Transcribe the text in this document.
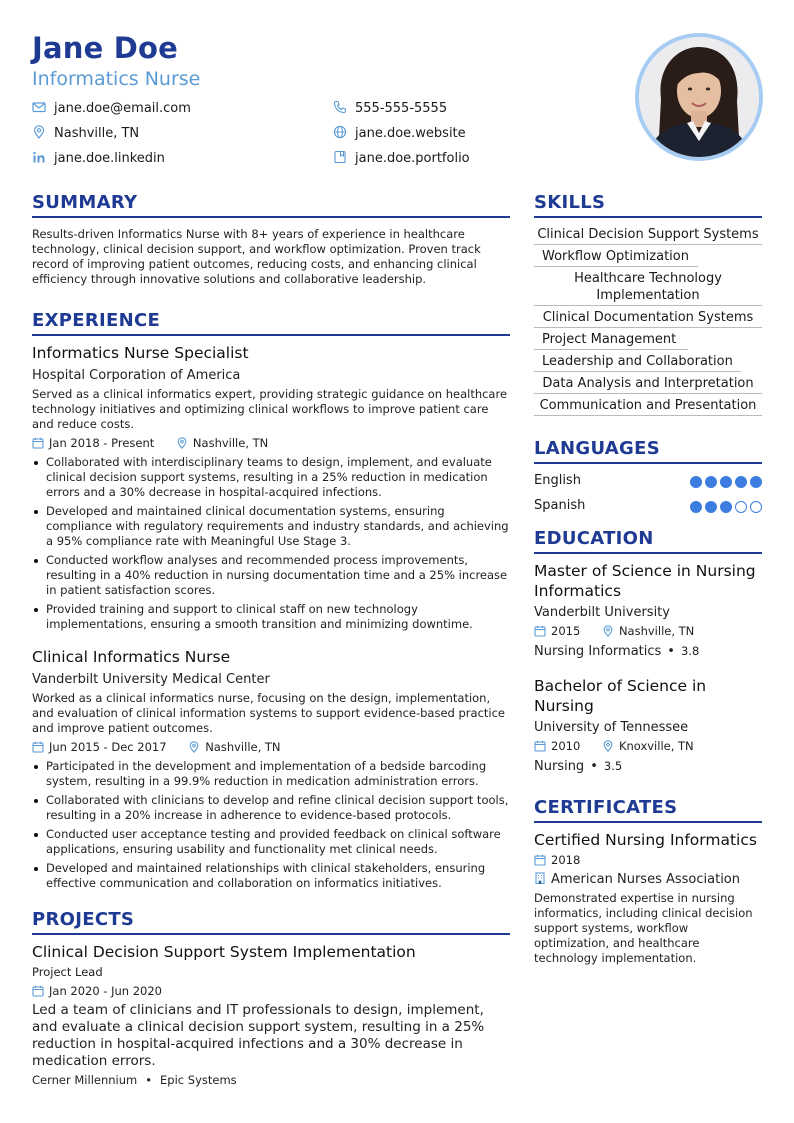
Jane Doe
Informatics Nurse
jane.doe@email.com	555-555-5555
Nashville, TN	jane.doe.website
jane.doe.linkedin	jane.doe.portfolio
SUMMARY

Results-driven Informatics Nurse with 8+ years of experience in healthcare technology, clinical decision support, and workflow optimization. Proven track record of improving patient outcomes, reducing costs, and enhancing clinical efficiency through innovative solutions and collaborative leadership.

EXPERIENCE
Informatics Nurse Specialist
Hospital Corporation of America

Served as a clinical informatics expert, providing strategic guidance on healthcare technology initiatives and optimizing clinical workflows to improve patient care and reduce costs.

Jan 2018 - Present	Nashville, TN
Collaborated with interdisciplinary teams to design, implement, and evaluate clinical decision support systems, resulting in a 25% reduction in medication errors and a 30% decrease in hospital-acquired infections.
Developed and maintained clinical documentation systems, ensuring compliance with regulatory requirements and industry standards, and achieving a 95% compliance rate with Meaningful Use Stage 3.
Conducted workflow analyses and recommended process improvements, resulting in a 40% reduction in nursing documentation time and a 25% increase in patient satisfaction scores.
Provided training and support to clinical staff on new technology implementations, ensuring a smooth transition and minimizing downtime.
Clinical Informatics Nurse
Vanderbilt University Medical Center

Worked as a clinical informatics nurse, focusing on the design, implementation, and evaluation of clinical information systems to support evidence-based practice and improve patient outcomes.

Jun 2015 - Dec 2017	Nashville, TN
Participated in the development and implementation of a bedside barcoding system, resulting in a 99.9% reduction in medication administration errors.
Collaborated with clinicians to develop and refine clinical decision support tools, resulting in a 20% increase in adherence to evidence-based protocols.
Conducted user acceptance testing and provided feedback on clinical software applications, ensuring usability and functionality met clinical needs.
Developed and maintained relationships with clinical stakeholders, ensuring effective communication and collaboration on informatics initiatives.
PROJECTS
Clinical Decision Support System Implementation
Project Lead
Jan 2020 - Jun 2020

Led a team of clinicians and IT professionals to design, implement, and evaluate a clinical decision support system, resulting in a 25% reduction in hospital-acquired infections and a 30% decrease in medication errors.

Cerner Millennium • Epic Systems
SKILLS
Clinical Decision Support Systems
Workflow Optimization
Healthcare Technology Implementation
Clinical Documentation Systems
Project Management
Leadership and Collaboration
Data Analysis and Interpretation
Communication and Presentation
LANGUAGES
English
Spanish
EDUCATION
Master of Science in Nursing Informatics
Vanderbilt University
2015	Nashville, TN
Nursing Informatics • 3.8
Bachelor of Science in Nursing
University of Tennessee
2010	Knoxville, TN
Nursing • 3.5
CERTIFICATES
Certified Nursing Informatics
2018
American Nurses Association

Demonstrated expertise in nursing informatics, including clinical decision support systems, workflow optimization, and healthcare technology implementation.
